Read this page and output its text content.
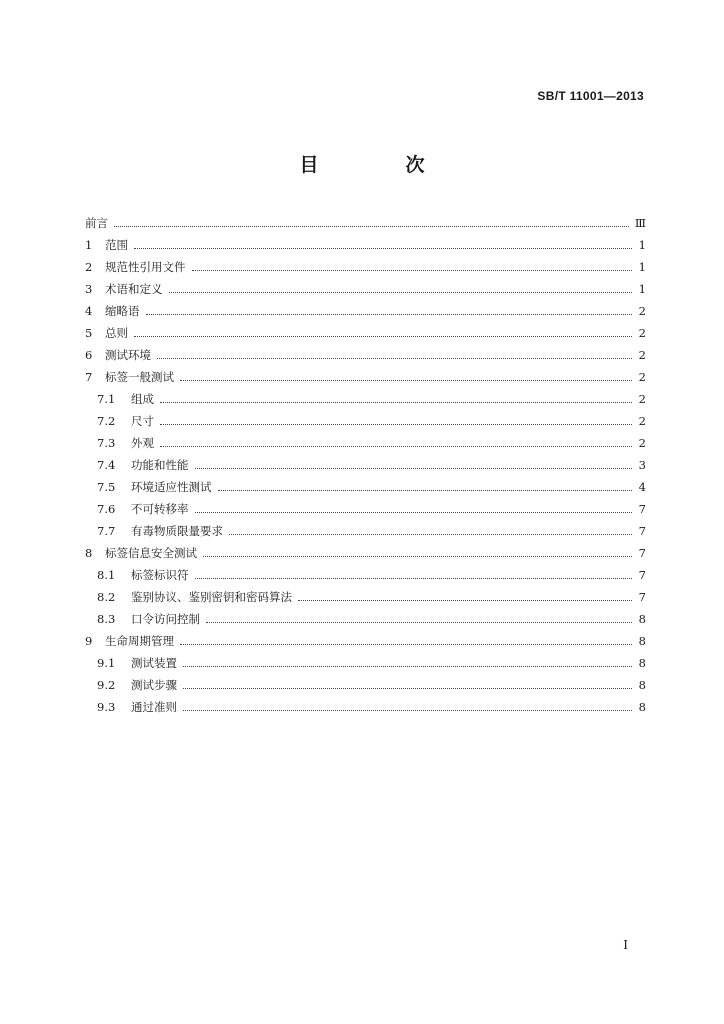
SB/T 11001—2013
目　次
前言	Ⅲ
1	范围	1
2	规范性引用文件	1
3	术语和定义	1
4	缩略语	2
5	总则	2
6	测试环境	2
7	标签一般测试	2
7.1	组成	2
7.2	尺寸	2
7.3	外观	2
7.4	功能和性能	3
7.5	环境适应性测试	4
7.6	不可转移率	7
7.7	有毒物质限量要求	7
8	标签信息安全测试	7
8.1	标签标识符	7
8.2	鉴别协议、鉴别密钥和密码算法	7
8.3	口令访问控制	8
9	生命周期管理	8
9.1	测试装置	8
9.2	测试步骤	8
9.3	通过准则	8
Ⅰ
